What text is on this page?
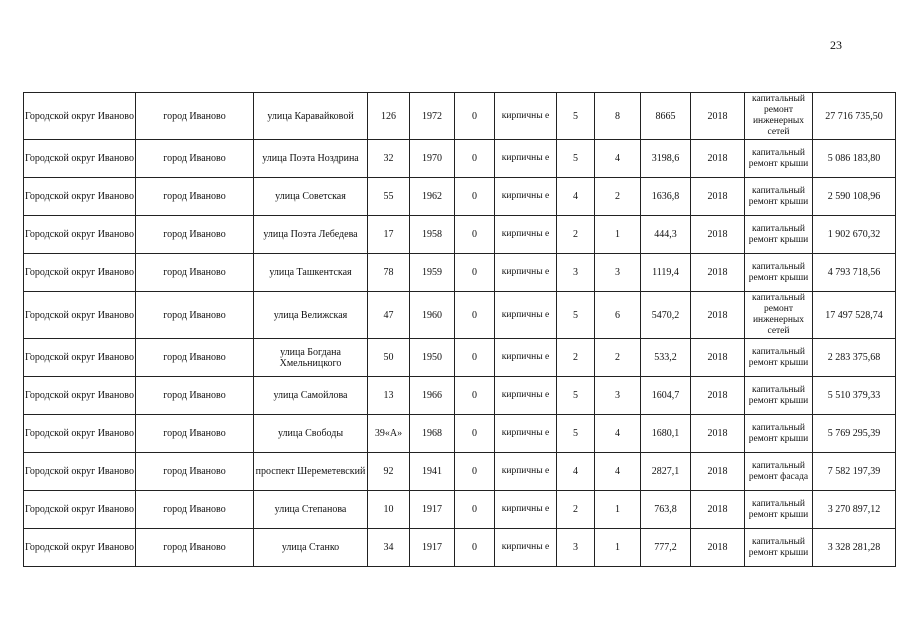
23
Городской округ Иваново	город Иваново	улица Каравайковой	126	1972	0	кирпичны е	5	8	8665	2018	капитальный ремонт инженерных сетей	27 716 735,50
Городской округ Иваново	город Иваново	улица Поэта Ноздрина	32	1970	0	кирпичны е	5	4	3198,6	2018	капитальный ремонт крыши	5 086 183,80
Городской округ Иваново	город Иваново	улица Советская	55	1962	0	кирпичны е	4	2	1636,8	2018	капитальный ремонт крыши	2 590 108,96
Городской округ Иваново	город Иваново	улица Поэта Лебедева	17	1958	0	кирпичны е	2	1	444,3	2018	капитальный ремонт крыши	1 902 670,32
Городской округ Иваново	город Иваново	улица Ташкентская	78	1959	0	кирпичны е	3	3	1119,4	2018	капитальный ремонт крыши	4 793 718,56
Городской округ Иваново	город Иваново	улица Велижская	47	1960	0	кирпичны е	5	6	5470,2	2018	капитальный ремонт инженерных сетей	17 497 528,74
Городской округ Иваново	город Иваново	улица Богдана Хмельницкого	50	1950	0	кирпичны е	2	2	533,2	2018	капитальный ремонт крыши	2 283 375,68
Городской округ Иваново	город Иваново	улица Самойлова	13	1966	0	кирпичны е	5	3	1604,7	2018	капитальный ремонт крыши	5 510 379,33
Городской округ Иваново	город Иваново	улица Свободы	39«А»	1968	0	кирпичны е	5	4	1680,1	2018	капитальный ремонт крыши	5 769 295,39
Городской округ Иваново	город Иваново	проспект Шереметевский	92	1941	0	кирпичны е	4	4	2827,1	2018	капитальный ремонт фасада	7 582 197,39
Городской округ Иваново	город Иваново	улица Степанова	10	1917	0	кирпичны е	2	1	763,8	2018	капитальный ремонт крыши	3 270 897,12
Городской округ Иваново	город Иваново	улица Станко	34	1917	0	кирпичны е	3	1	777,2	2018	капитальный ремонт крыши	3 328 281,28
